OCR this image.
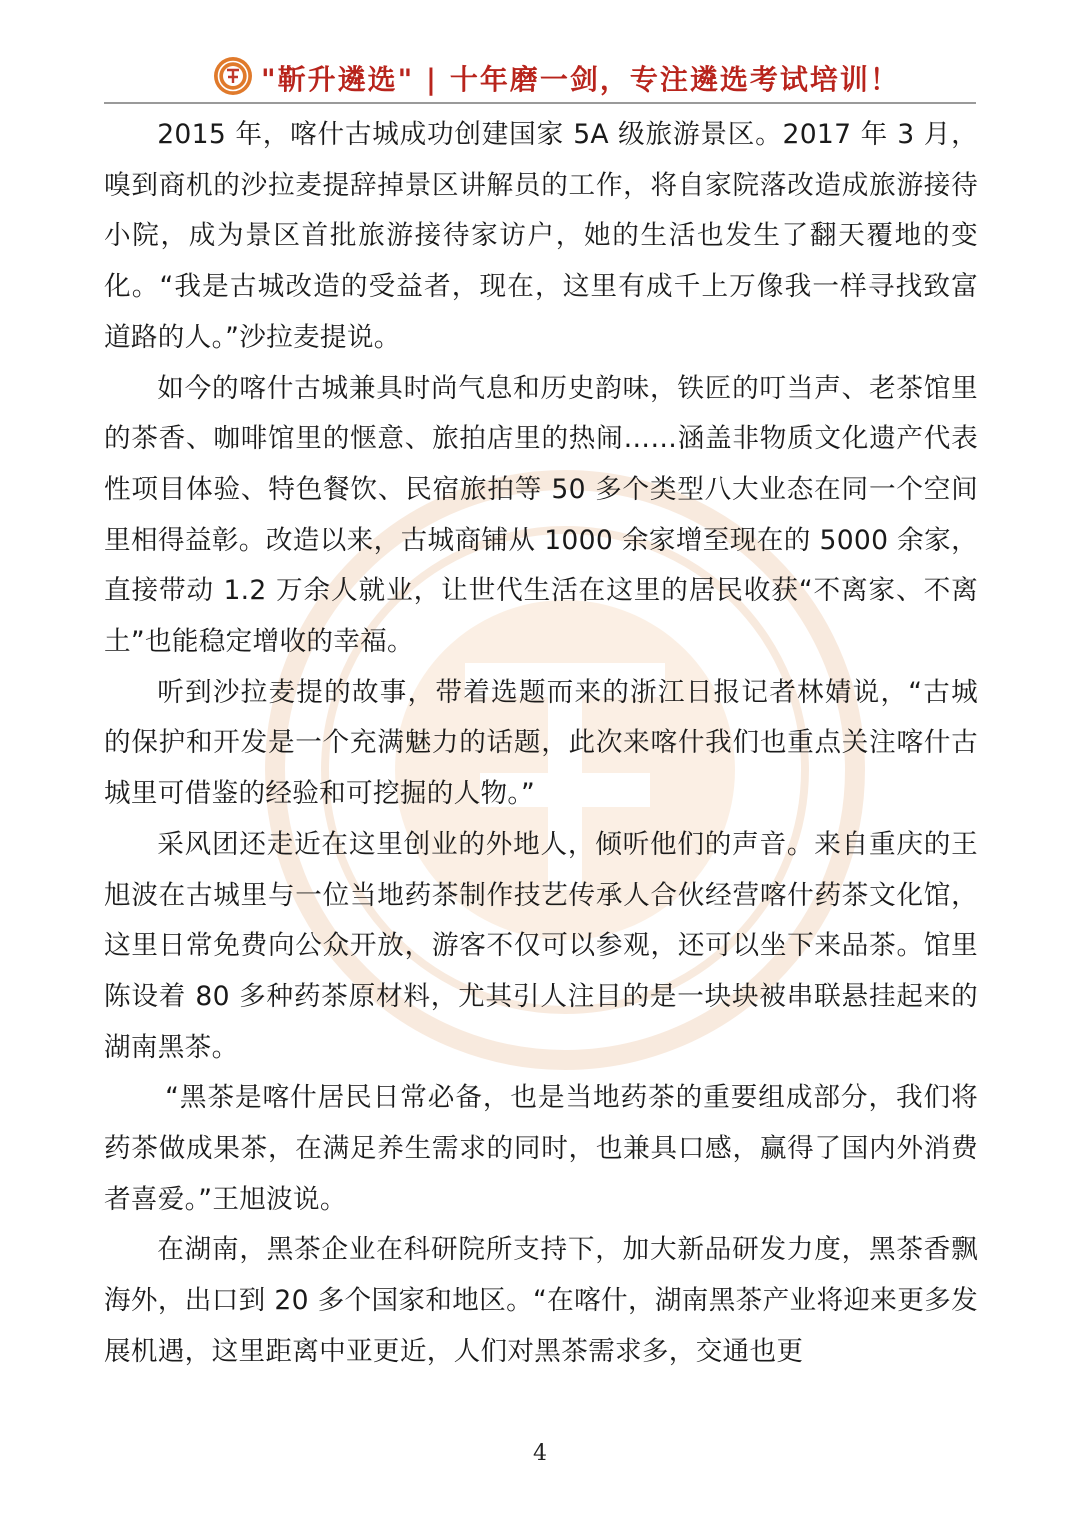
"靳升遴选" | 十年磨一剑，专注遴选考试培训！

2015 年，喀什古城成功创建国家 5A 级旅游景区。2017 年 3 月，嗅到商机的沙拉麦提辞掉景区讲解员的工作，将自家院落改造成旅游接待小院，成为景区首批旅游接待家访户，她的生活也发生了翻天覆地的变化。“我是古城改造的受益者，现在，这里有成千上万像我一样寻找致富道路的人。”沙拉麦提说。

如今的喀什古城兼具时尚气息和历史韵味，铁匠的叮当声、老茶馆里的茶香、咖啡馆里的惬意、旅拍店里的热闹……涵盖非物质文化遗产代表性项目体验、特色餐饮、民宿旅拍等 50 多个类型八大业态在同一个空间里相得益彰。改造以来，古城商铺从 1000 余家增至现在的 5000 余家，直接带动 1.2 万余人就业，让世代生活在这里的居民收获“不离家、不离土”也能稳定增收的幸福。

听到沙拉麦提的故事，带着选题而来的浙江日报记者林婧说，“古城的保护和开发是一个充满魅力的话题，此次来喀什我们也重点关注喀什古城里可借鉴的经验和可挖掘的人物。”

采风团还走近在这里创业的外地人，倾听他们的声音。来自重庆的王旭波在古城里与一位当地药茶制作技艺传承人合伙经营喀什药茶文化馆，这里日常免费向公众开放，游客不仅可以参观，还可以坐下来品茶。馆里陈设着 80 多种药茶原材料，尤其引人注目的是一块块被串联悬挂起来的湖南黑茶。

“黑茶是喀什居民日常必备，也是当地药茶的重要组成部分，我们将药茶做成果茶，在满足养生需求的同时，也兼具口感，赢得了国内外消费者喜爱。”王旭波说。

在湖南，黑茶企业在科研院所支持下，加大新品研发力度，黑茶香飘海外，出口到 20 多个国家和地区。“在喀什，湖南黑茶产业将迎来更多发展机遇，这里距离中亚更近，人们对黑茶需求多，交通也更

4
